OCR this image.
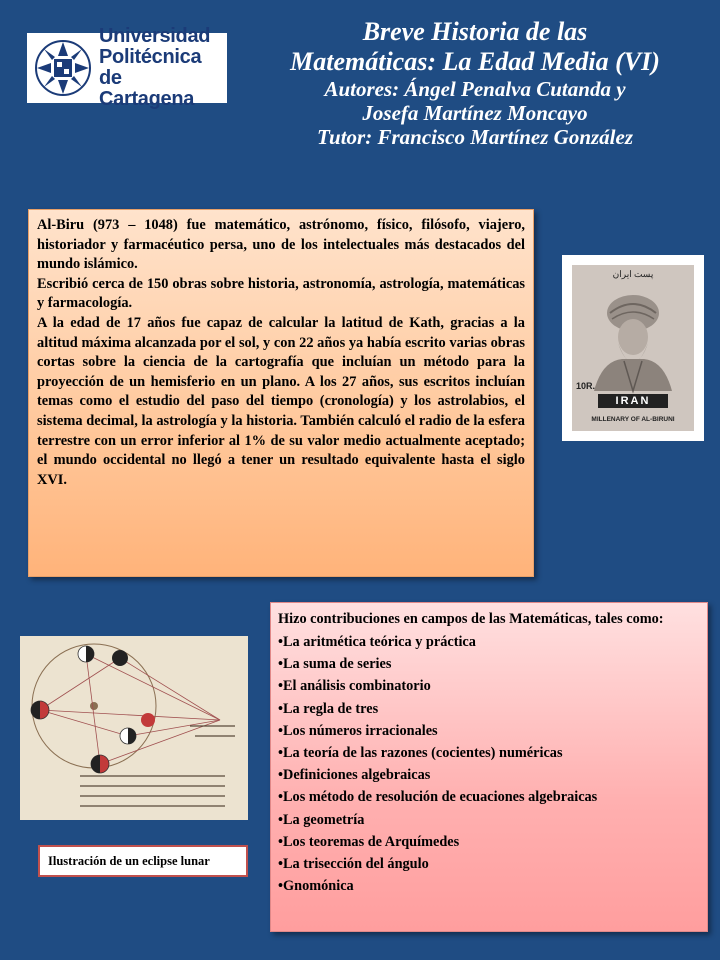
Universidad
Politécnica
de Cartagena
Breve Historia de las
Matemáticas: La Edad Media (VI)
Autores: Ángel Penalva Cutanda y
Josefa Martínez Moncayo
Tutor: Francisco Martínez González

Al-Biru (973 – 1048) fue matemático, astrónomo, físico, filósofo, viajero, historiador y farmacéutico persa, uno de los intelectuales más destacados del mundo islámico.

Escribió cerca de 150 obras sobre historia, astronomía, astrología, matemáticas y farmacología.

A la edad de 17 años fue capaz de calcular la latitud de Kath, gracias a la altitud máxima alcanzada por el sol, y con 22 años ya había escrito varias obras cortas sobre la ciencia de la cartografía que incluían un método para la proyección de un hemisferio en un plano. A los 27 años, sus escritos incluían temas como el estudio del paso del tiempo (cronología) y los astrolabios, el sistema decimal, la astrología y la historia. También calculó el radio de la esfera terrestre con un error inferior al 1% de su valor medio actualmente aceptado; el mundo occidental no llegó a tener un resultado equivalente hasta el siglo XVI.

پست ایران
10R.
IRAN
MILLENARY OF AL-BIRUNI
Ilustración de un eclipse lunar
Hizo contribuciones en campos de las Matemáticas, tales como:
•La aritmética teórica y práctica
•La suma de series
•El análisis combinatorio
•La regla de tres
•Los números irracionales
•La teoría de las razones (cocientes) numéricas
•Definiciones algebraicas
•Los método de resolución de ecuaciones algebraicas
•La geometría
•Los teoremas de Arquímedes
•La trisección del ángulo
•Gnomónica
